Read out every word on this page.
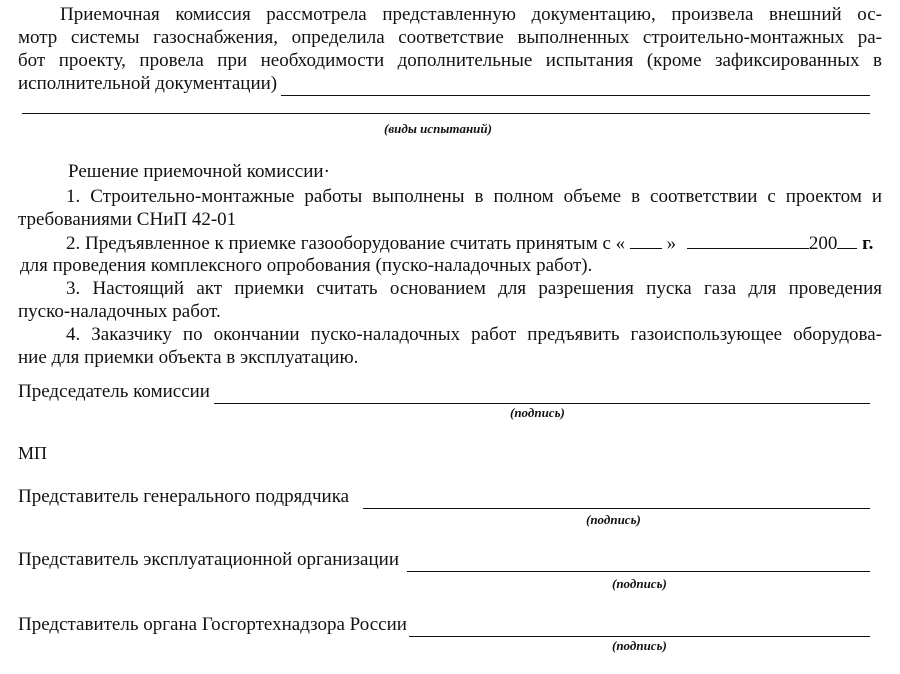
Приемочная комиссия рассмотрела представленную документацию, произвела внешний ос-
мотр системы газоснабжения, определила соответствие выполненных строительно-монтажных ра-
бот проекту, провела при необходимости дополнительные испытания (кроме зафиксированных в
исполнительной документации)
(виды испытаний)
Решение приемочной комиссии·
1. Строительно-монтажные работы выполнены в полном объеме в соответствии с проектом и
требованиями СНиП 42-01
2. Предъявленное к приемке газооборудование считать принятым с « »	200 г.
для проведения комплексного опробования (пуско-наладочных работ).
3. Настоящий акт приемки считать основанием для разрешения пуска газа для проведения
пуско-наладочных работ.
4. Заказчику по окончании пуско-наладочных работ предъявить газоиспользующее оборудова-
ние для приемки объекта в эксплуатацию.
Председатель комиссии
(подпись)
МП
Представитель генерального подрядчика
(подпись)
Представитель эксплуатационной организации
(подпись)
Представитель органа Госгортехнадзора России
(подпись)
